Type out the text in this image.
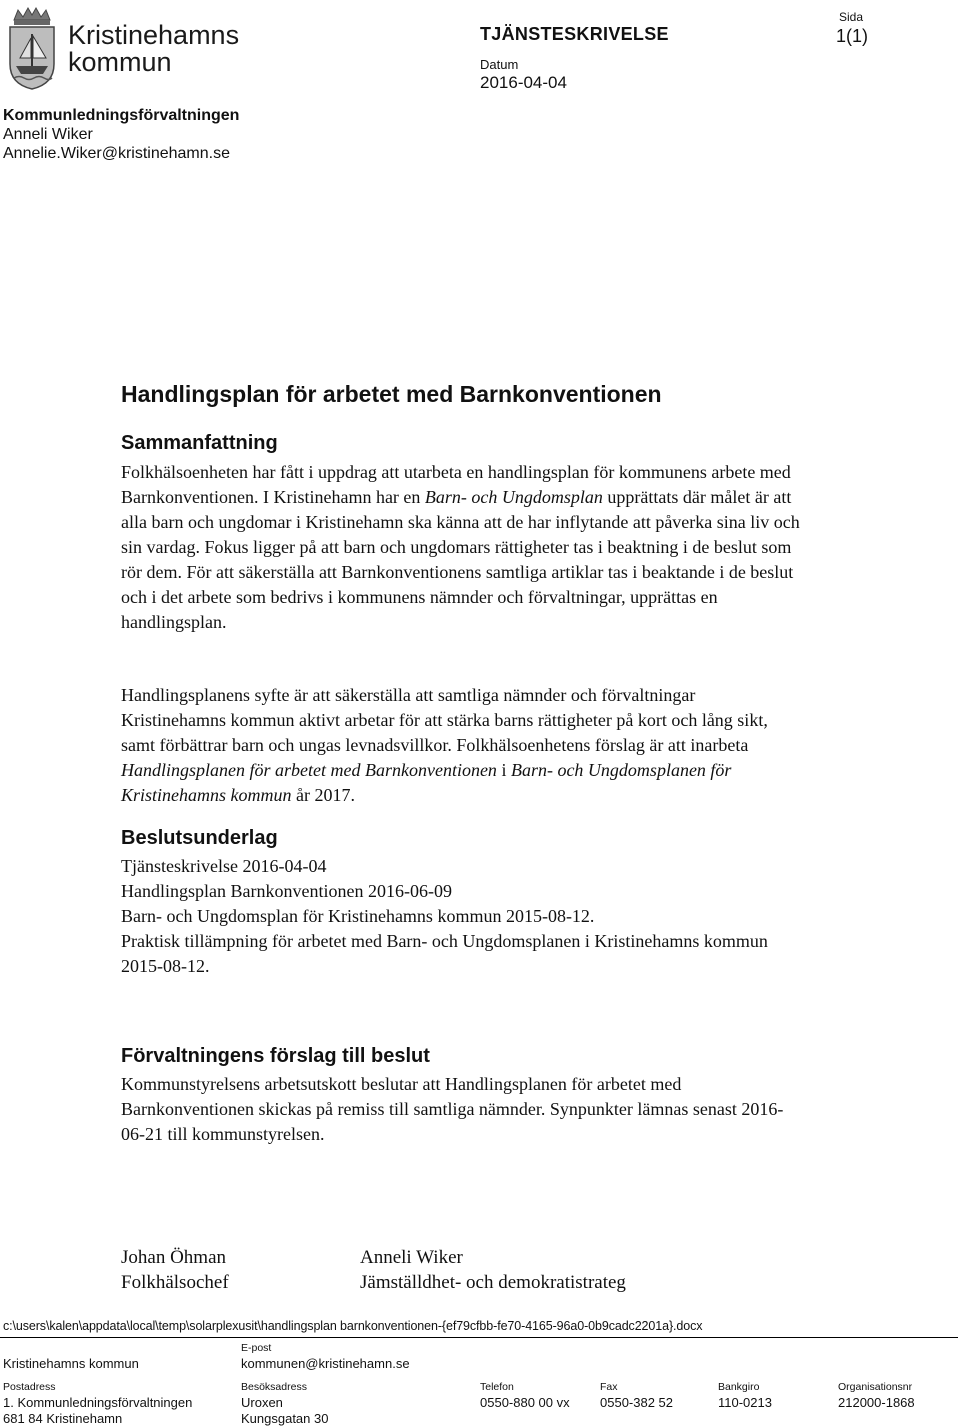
Kristinehamns
kommun
TJÄNSTESKRIVELSE
Datum
2016-04-04
Sida
1(1)
Kommunledningsförvaltningen
Anneli Wiker
Annelie.Wiker@kristinehamn.se
Handlingsplan för arbetet med Barnkonventionen
Sammanfattning

Folkhälsoenheten har fått i uppdrag att utarbeta en handlingsplan för kommunens arbete med Barnkonventionen. I Kristinehamn har en Barn- och Ungdomsplan upprättats där målet är att alla barn och ungdomar i Kristinehamn ska känna att de har inflytande att påverka sina liv och sin vardag. Fokus ligger på att barn och ungdomars rättigheter tas i beaktning i de beslut som rör dem. För att säkerställa att Barnkonventionens samtliga artiklar tas i beaktande i de beslut och i det arbete som bedrivs i kommunens nämnder och förvaltningar, upprättas en handlingsplan.

Handlingsplanens syfte är att säkerställa att samtliga nämnder och förvaltningar Kristinehamns kommun aktivt arbetar för att stärka barns rättigheter på kort och lång sikt, samt förbättrar barn och ungas levnadsvillkor. Folkhälsoenhetens förslag är att inarbeta Handlingsplanen för arbetet med Barnkonventionen i Barn- och Ungdomsplanen för Kristinehamns kommun år 2017.

Beslutsunderlag
Tjänsteskrivelse 2016-04-04
Handlingsplan Barnkonventionen 2016-06-09
Barn- och Ungdomsplan för Kristinehamns kommun 2015-08-12.
Praktisk tillämpning för arbetet med Barn- och Ungdomsplanen i Kristinehamns kommun 2015-08-12.
Förvaltningens förslag till beslut

Kommunstyrelsens arbetsutskott beslutar att Handlingsplanen för arbetet med Barnkonventionen skickas på remiss till samtliga nämnder. Synpunkter lämnas senast 2016-06-21 till kommunstyrelsen.

Johan Öhman
Folkhälsochef
Anneli Wiker
Jämställdhet- och demokratistrateg
c:\users\kalen\appdata\local\temp\solarplexusit\handlingsplan barnkonventionen-{ef79cfbb-fe70-4165-96a0-0b9cadc2201a}.docx
Kristinehamns kommun
E-post
kommunen@kristinehamn.se
Postadress
1. Kommunledningsförvaltningen
681 84 Kristinehamn
Besöksadress
Uroxen
Kungsgatan 30
Telefon
0550-880 00 vx
Fax
0550-382 52
Bankgiro
110-0213
Organisationsnr
212000-1868
